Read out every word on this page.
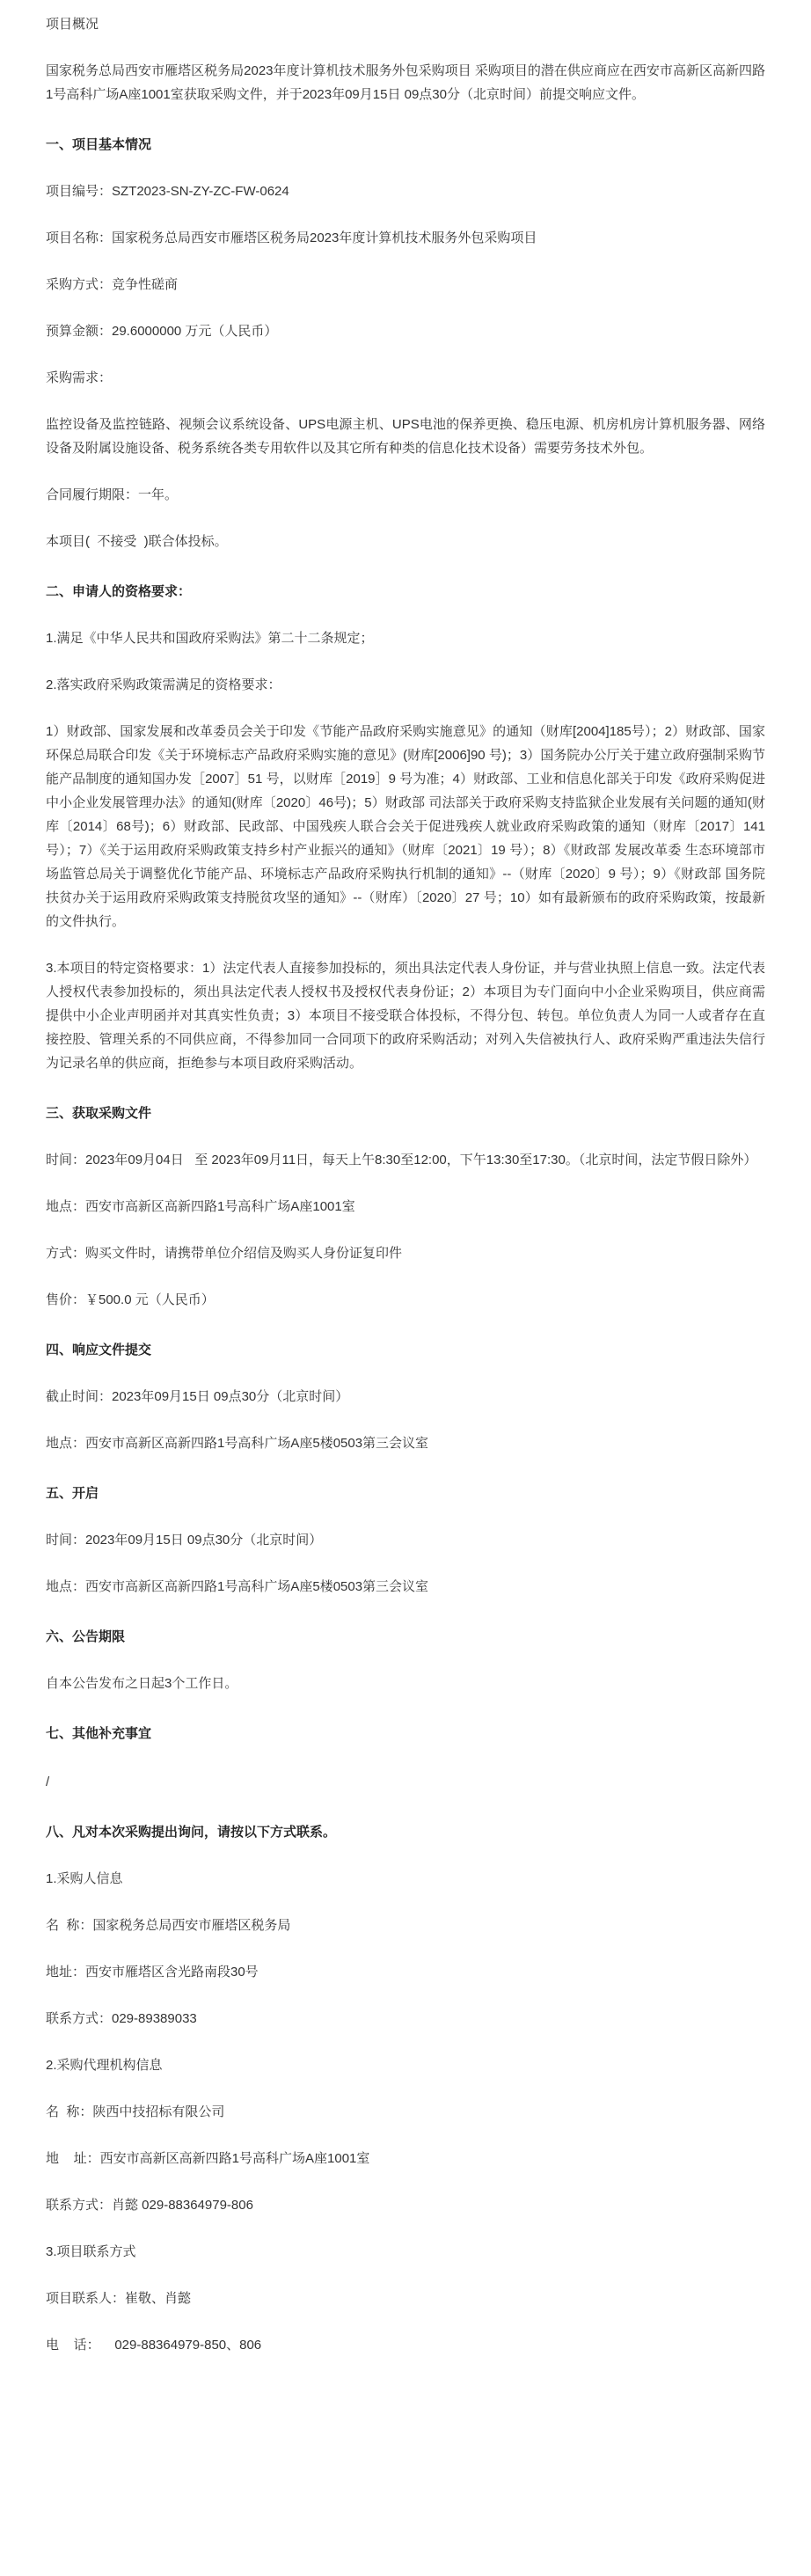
项目概况

国家税务总局西安市雁塔区税务局2023年度计算机技术服务外包采购项目 采购项目的潜在供应商应在西安市高新区高新四路1号高科广场A座1001室获取采购文件，并于2023年09月15日 09点30分（北京时间）前提交响应文件。

一、项目基本情况

项目编号：SZT2023-SN-ZY-ZC-FW-0624

项目名称：国家税务总局西安市雁塔区税务局2023年度计算机技术服务外包采购项目

采购方式：竞争性磋商

预算金额：29.6000000 万元（人民币）

采购需求：

监控设备及监控链路、视频会议系统设备、UPS电源主机、UPS电池的保养更换、稳压电源、机房机房计算机服务器、网络设备及附属设施设备、税务系统各类专用软件以及其它所有种类的信息化技术设备）需要劳务技术外包。

合同履行期限：一年。

本项目(  不接受  )联合体投标。

二、申请人的资格要求：

1.满足《中华人民共和国政府采购法》第二十二条规定；

2.落实政府采购政策需满足的资格要求：

1）财政部、国家发展和改革委员会关于印发《节能产品政府采购实施意见》的通知（财库[2004]185号）；2）财政部、国家环保总局联合印发《关于环境标志产品政府采购实施的意见》(财库[2006]90 号)；3）国务院办公厅关于建立政府强制采购节能产品制度的通知国办发［2007］51 号，以财库［2019］9 号为准；4）财政部、工业和信息化部关于印发《政府采购促进中小企业发展管理办法》的通知(财库〔2020〕46号)；5）财政部 司法部关于政府采购支持监狱企业发展有关问题的通知(财库〔2014〕68号)；6）财政部、民政部、中国残疾人联合会关于促进残疾人就业政府采购政策的通知（财库〔2017〕141 号）；7）《关于运用政府采购政策支持乡村产业振兴的通知》（财库〔2021〕19 号）；8）《财政部 发展改革委 生态环境部市场监管总局关于调整优化节能产品、环境标志产品政府采购执行机制的通知》--（财库〔2020〕9 号）；9）《财政部 国务院扶贫办关于运用政府采购政策支持脱贫攻坚的通知》--（财库）〔2020〕27 号；10）如有最新颁布的政府采购政策，按最新的文件执行。

3.本项目的特定资格要求：1）法定代表人直接参加投标的，须出具法定代表人身份证，并与营业执照上信息一致。法定代表人授权代表参加投标的，须出具法定代表人授权书及授权代表身份证；2）本项目为专门面向中小企业采购项目，供应商需提供中小企业声明函并对其真实性负责；3）本项目不接受联合体投标，不得分包、转包。单位负责人为同一人或者存在直接控股、管理关系的不同供应商，不得参加同一合同项下的政府采购活动；对列入失信被执行人、政府采购严重违法失信行为记录名单的供应商，拒绝参与本项目政府采购活动。

三、获取采购文件

时间：2023年09月04日   至 2023年09月11日，每天上午8:30至12:00，下午13:30至17:30。（北京时间，法定节假日除外）

地点：西安市高新区高新四路1号高科广场A座1001室

方式：购买文件时，请携带单位介绍信及购买人身份证复印件

售价：￥500.0 元（人民币）

四、响应文件提交

截止时间：2023年09月15日 09点30分（北京时间）

地点：西安市高新区高新四路1号高科广场A座5楼0503第三会议室

五、开启

时间：2023年09月15日 09点30分（北京时间）

地点：西安市高新区高新四路1号高科广场A座5楼0503第三会议室

六、公告期限

自本公告发布之日起3个工作日。

七、其他补充事宜

/

八、凡对本次采购提出询问，请按以下方式联系。

1.采购人信息

名  称：国家税务总局西安市雁塔区税务局

地址：西安市雁塔区含光路南段30号

联系方式：029-89389033

2.采购代理机构信息

名  称：陕西中技招标有限公司

地    址：西安市高新区高新四路1号高科广场A座1001室

联系方式：肖懿 029-88364979-806

3.项目联系方式

项目联系人：崔敬、肖懿

电    话：    029-88364979-850、806
